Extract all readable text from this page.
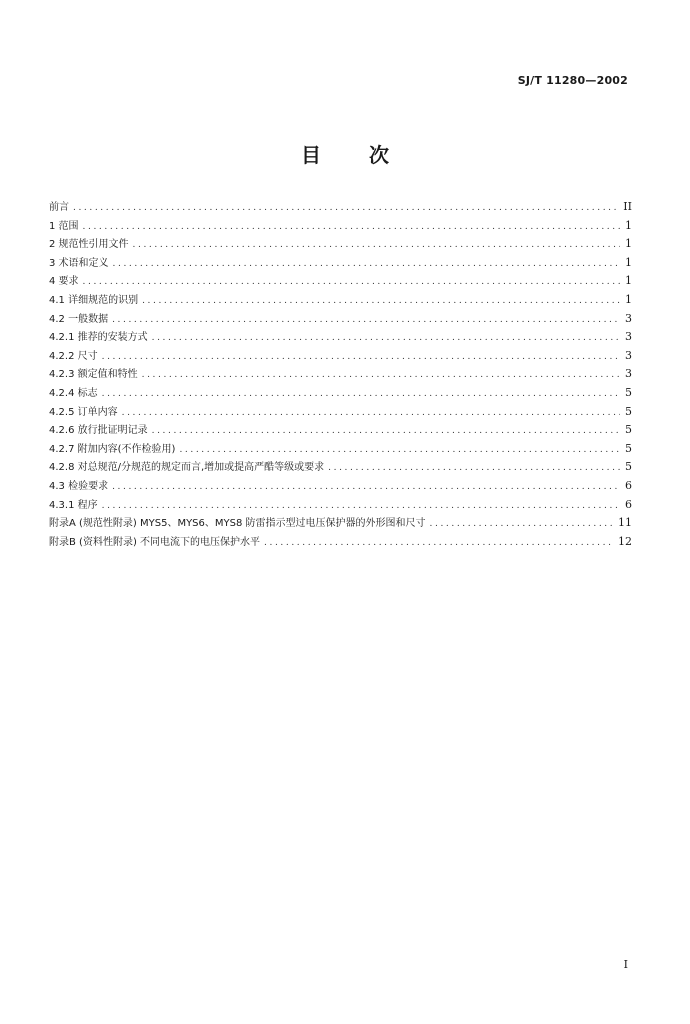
SJ/T 11280—2002
目 次
前言 .....	II
1 范围 .....	1
2 规范性引用文件 .....	1
3 术语和定义 .....	1
4 要求 .....	1
4.1 详细规范的识别 .....	1
4.2 一般数据 .....	3
4.2.1 推荐的安装方式 .....	3
4.2.2 尺寸 .....	3
4.2.3 额定值和特性 .....	3
4.2.4 标志 .....	5
4.2.5 订单内容 .....	5
4.2.6 放行批证明记录 .....	5
4.2.7 附加内容(不作检验用) .....	5
4.2.8 对总规范/分规范的规定而言,增加或提高严酷等级或要求 .....	5
4.3 检验要求 .....	6
4.3.1 程序 .....	6
附录A (规范性附录) MYS5、MYS6、MYS8 防雷指示型过电压保护器的外形图和尺寸 .....	11
附录B (资料性附录) 不同电流下的电压保护水平 .....	12
I
